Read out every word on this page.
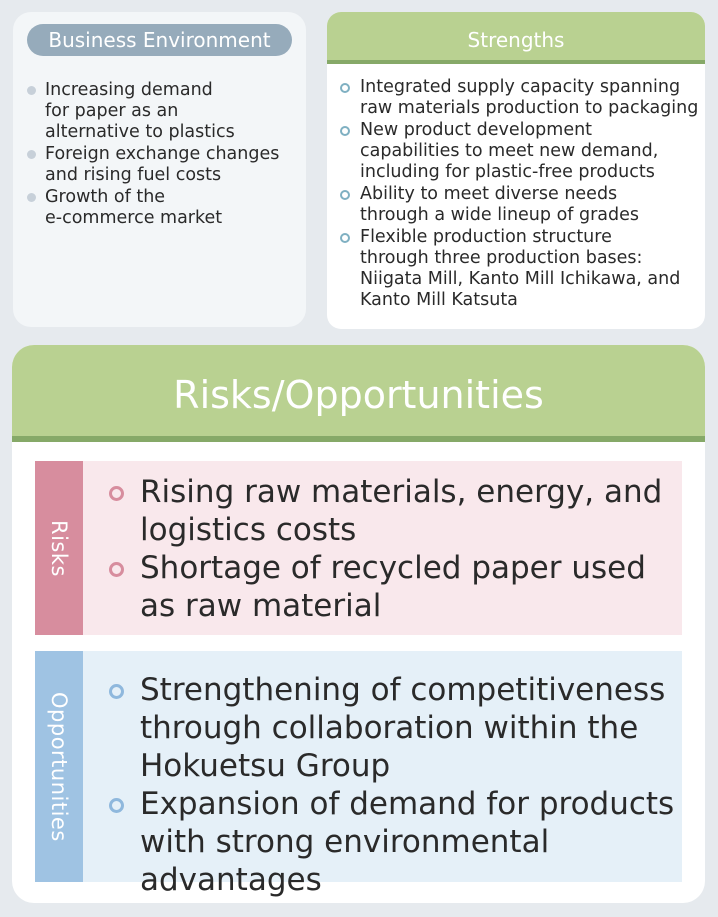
Business Environment
Increasing demand
for paper as an
alternative to plastics
Foreign exchange changes
and rising fuel costs
Growth of the
e-commerce market
Strengths
Integrated supply capacity spanning
raw materials production to packaging
New product development
capabilities to meet new demand,
including for plastic-free products
Ability to meet diverse needs
through a wide lineup of grades
Flexible production structure
through three production bases:
Niigata Mill, Kanto Mill Ichikawa, and
Kanto Mill Katsuta
Risks/Opportunities
Risks
Rising raw materials, energy, and
logistics costs
Shortage of recycled paper used
as raw material
Opportunities
Strengthening of competitiveness
through collaboration within the
Hokuetsu Group
Expansion of demand for products
with strong environmental advantages
